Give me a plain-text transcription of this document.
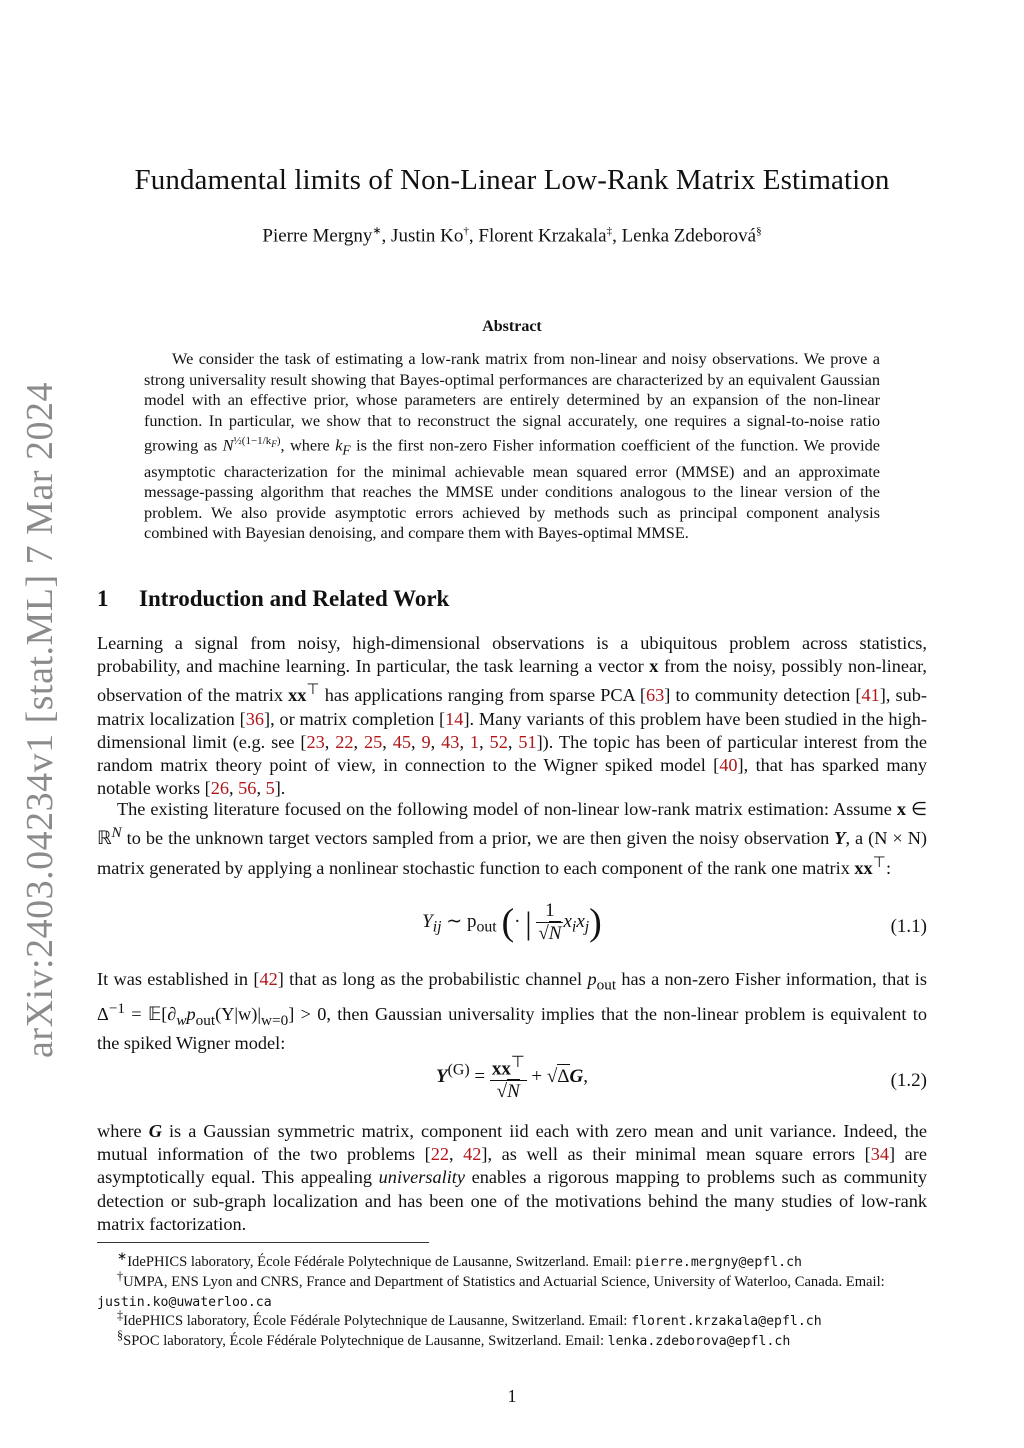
arXiv:2403.04234v1 [stat.ML] 7 Mar 2024
Fundamental limits of Non-Linear Low-Rank Matrix Estimation
Pierre Mergny∗, Justin Ko†, Florent Krzakala‡, Lenka Zdeborová§
Abstract

We consider the task of estimating a low-rank matrix from non-linear and noisy observations. We prove a strong universality result showing that Bayes-optimal performances are characterized by an equivalent Gaussian model with an effective prior, whose parameters are entirely determined by an expansion of the non-linear function. In particular, we show that to reconstruct the signal accurately, one requires a signal-to-noise ratio growing as $N^{\frac{1}{2}(1-1/k_F)}$, where $k_F$ is the first non-zero Fisher information coefficient of the function. We provide asymptotic characterization for the minimal achievable mean squared error (MMSE) and an approximate message-passing algorithm that reaches the MMSE under conditions analogous to the linear version of the problem. We also provide asymptotic errors achieved by methods such as principal component analysis combined with Bayesian denoising, and compare them with Bayes-optimal MMSE.

1 Introduction and Related Work

Learning a signal from noisy, high-dimensional observations is a ubiquitous problem across statistics, probability, and machine learning. In particular, the task learning a vector x from the noisy, possibly non-linear, observation of the matrix xx⊤ has applications ranging from sparse PCA [63] to community detection [41], sub-matrix localization [36], or matrix completion [14]. Many variants of this problem have been studied in the high-dimensional limit (e.g. see [23, 22, 25, 45, 9, 43, 1, 52, 51]). The topic has been of particular interest from the random matrix theory point of view, in connection to the Wigner spiked model [40], that has sparked many notable works [26, 56, 5].

The existing literature focused on the following model of non-linear low-rank matrix estimation: Assume x ∈ ℝ$^N$ to be the unknown target vectors sampled from a prior, we are then given the noisy observation Y, a (N × N) matrix generated by applying a nonlinear stochastic function to each component of the rank one matrix xx⊤:

$Y_{ij}$ ∼ $p_{out}$ (· | $\frac{1}{√N} x_ix_j$)	(1.1)

It was established in [42] that as long as the probabilistic channel $p_{out}$ has a non-zero Fisher information, that is $\Delta^{-1}$ = $𝔼[\partial_wp_{out}(Y|w)|_{w=0}] > 0$, then Gaussian universality implies that the non-linear problem is equivalent to the spiked Wigner model:

$Y^{(G)} = \frac{xx^⊤}{√N} + √\Delta G$,	(1.2)

where G is a Gaussian symmetric matrix, component iid each with zero mean and unit variance. Indeed, the mutual information of the two problems [22, 42], as well as their minimal mean square errors [34] are asymptotically equal. This appealing universality enables a rigorous mapping to problems such as community detection or sub-graph localization and has been one of the motivations behind the many studies of low-rank matrix factorization.

∗IdePHICS laboratory, École Fédérale Polytechnique de Lausanne, Switzerland. Email: pierre.mergny@epfl.ch

†UMPA, ENS Lyon and CNRS, France and Department of Statistics and Actuarial Science, University of Waterloo, Canada. Email: justin.ko@uwaterloo.ca

‡IdePHICS laboratory, École Fédérale Polytechnique de Lausanne, Switzerland. Email: florent.krzakala@epfl.ch

§SPOC laboratory, École Fédérale Polytechnique de Lausanne, Switzerland. Email: lenka.zdeborova@epfl.ch

1
